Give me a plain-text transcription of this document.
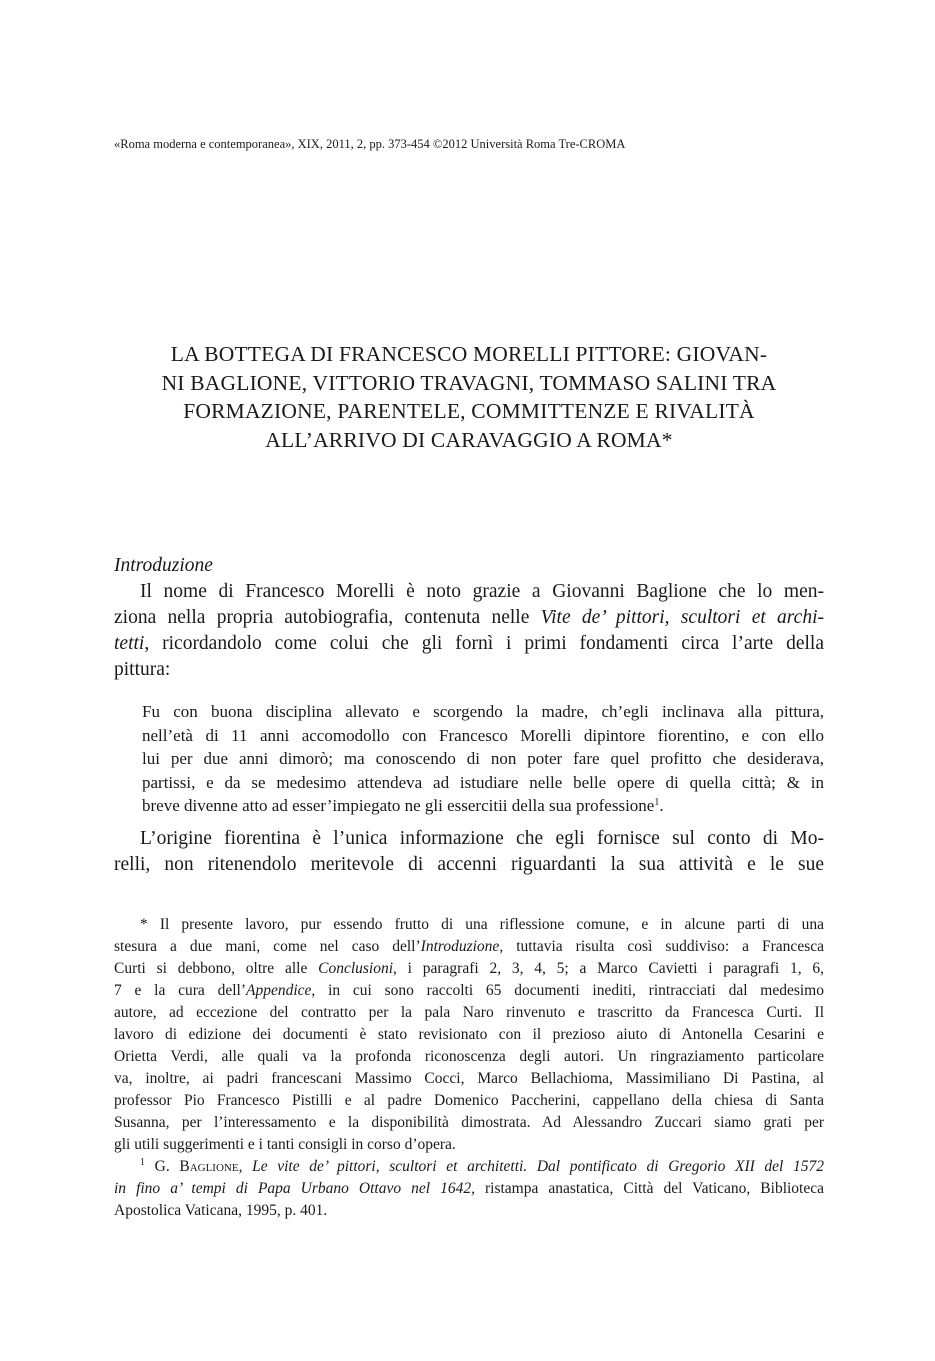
«Roma moderna e contemporanea», XIX, 2011, 2, pp. 373-454 ©2012 Università Roma Tre-CROMA
LA BOTTEGA DI FRANCESCO MORELLI PITTORE: GIOVAN-
NI BAGLIONE, VITTORIO TRAVAGNI, TOMMASO SALINI TRA
FORMAZIONE, PARENTELE, COMMITTENZE E RIVALITÀ
ALL’ARRIVO DI CARAVAGGIO A ROMA*
Introduzione
Il nome di Francesco Morelli è noto grazie a Giovanni Baglione che lo men-
ziona nella propria autobiografia, contenuta nelle Vite de’ pittori, scultori et archi-
tetti, ricordandolo come colui che gli fornì i primi fondamenti circa l’arte della
pittura:
Fu con buona disciplina allevato e scorgendo la madre, ch’egli inclinava alla pittura,
nell’età di 11 anni accomodollo con Francesco Morelli dipintore fiorentino, e con ello
lui per due anni dimorò; ma conoscendo di non poter fare quel profitto che desiderava,
partissi, e da se medesimo attendeva ad istudiare nelle belle opere di quella città; & in
breve divenne atto ad esser’impiegato ne gli essercitii della sua professione$^1$.
L’origine fiorentina è l’unica informazione che egli fornisce sul conto di Mo-
relli, non ritenendolo meritevole di accenni riguardanti la sua attività e le sue
* Il presente lavoro, pur essendo frutto di una riflessione comune, e in alcune parti di una
stesura a due mani, come nel caso dell’Introduzione, tuttavia risulta così suddiviso: a Francesca
Curti si debbono, oltre alle Conclusioni, i paragrafi 2, 3, 4, 5; a Marco Cavietti i paragrafi 1, 6,
7 e la cura dell’Appendice, in cui sono raccolti 65 documenti inediti, rintracciati dal medesimo
autore, ad eccezione del contratto per la pala Naro rinvenuto e trascritto da Francesca Curti. Il
lavoro di edizione dei documenti è stato revisionato con il prezioso aiuto di Antonella Cesarini e
Orietta Verdi, alle quali va la profonda riconoscenza degli autori. Un ringraziamento particolare
va, inoltre, ai padri francescani Massimo Cocci, Marco Bellachioma, Massimiliano Di Pastina, al
professor Pio Francesco Pistilli e al padre Domenico Paccherini, cappellano della chiesa di Santa
Susanna, per l’interessamento e la disponibilità dimostrata. Ad Alessandro Zuccari siamo grati per
gli utili suggerimenti e i tanti consigli in corso d’opera.
$^1$ G. Baglione, Le vite de’ pittori, scultori et architetti. Dal pontificato di Gregorio XII del 1572
in fino a’ tempi di Papa Urbano Ottavo nel 1642, ristampa anastatica, Città del Vaticano, Biblioteca
Apostolica Vaticana, 1995, p. 401.
